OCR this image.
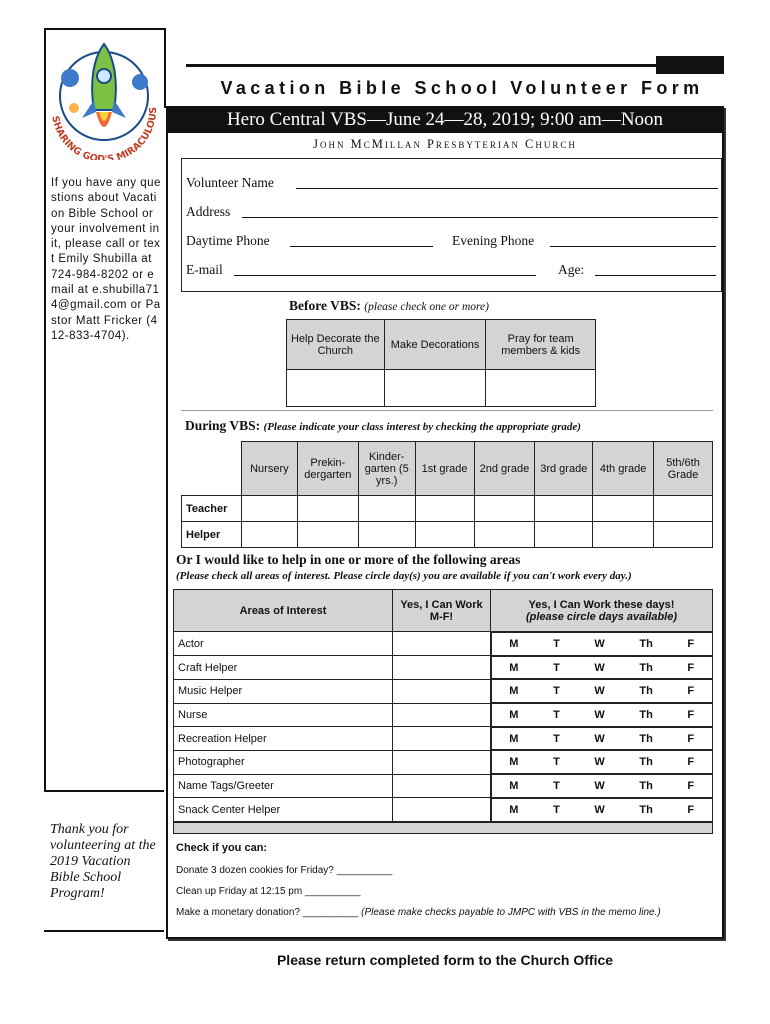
SHARING GOD'S MIRACULOUS
If you have any questions about Vacation Bible School or your involvement in it, please call or text Emily Shubilla at 724-984-8202 or email at e.shubilla714@gmail.com or Pastor Matt Fricker (412-833-4704).
Thank you for volunteering at the 2019 Vacation Bible School Program!
Vacation Bible School Volunteer Form
Hero Central VBS—June 24—28, 2019; 9:00 am—Noon
John McMillan Presbyterian Church
Volunteer Name
Address
Daytime Phone	Evening Phone
E-mail	Age:
Before VBS: (please check one or more)
Help Decorate the Church	Make Decorations	Pray for team members & kids

During VBS: (Please indicate your class interest by checking the appropriate grade)
	Nursery	Prekin-dergarten	Kinder-garten (5 yrs.)	1st grade	2nd grade	3rd grade	4th grade	5th/6th Grade
Teacher								
Helper								
Or I would like to help in one or more of the following areas
(Please check all areas of interest. Please circle day(s) you are available if you can't work every day.)
Areas of Interest	Yes, I Can Work M-F!	Yes, I Can Work these days!
(please circle days available)

Actor			M	T	W	Th	F

Craft Helper			M	T	W	Th	F

Music Helper			M	T	W	Th	F

Nurse			M	T	W	Th	F

Recreation Helper			M	T	W	Th	F

Photographer			M	T	W	Th	F

Name Tags/Greeter			M	T	W	Th	F

Snack Center Helper			M	T	W	Th	F
Check if you can:
Donate 3 dozen cookies for Friday? __________
Clean up Friday at 12:15 pm __________
Make a monetary donation? __________ (Please make checks payable to JMPC with VBS in the memo line.)
Please return completed form to the Church Office
